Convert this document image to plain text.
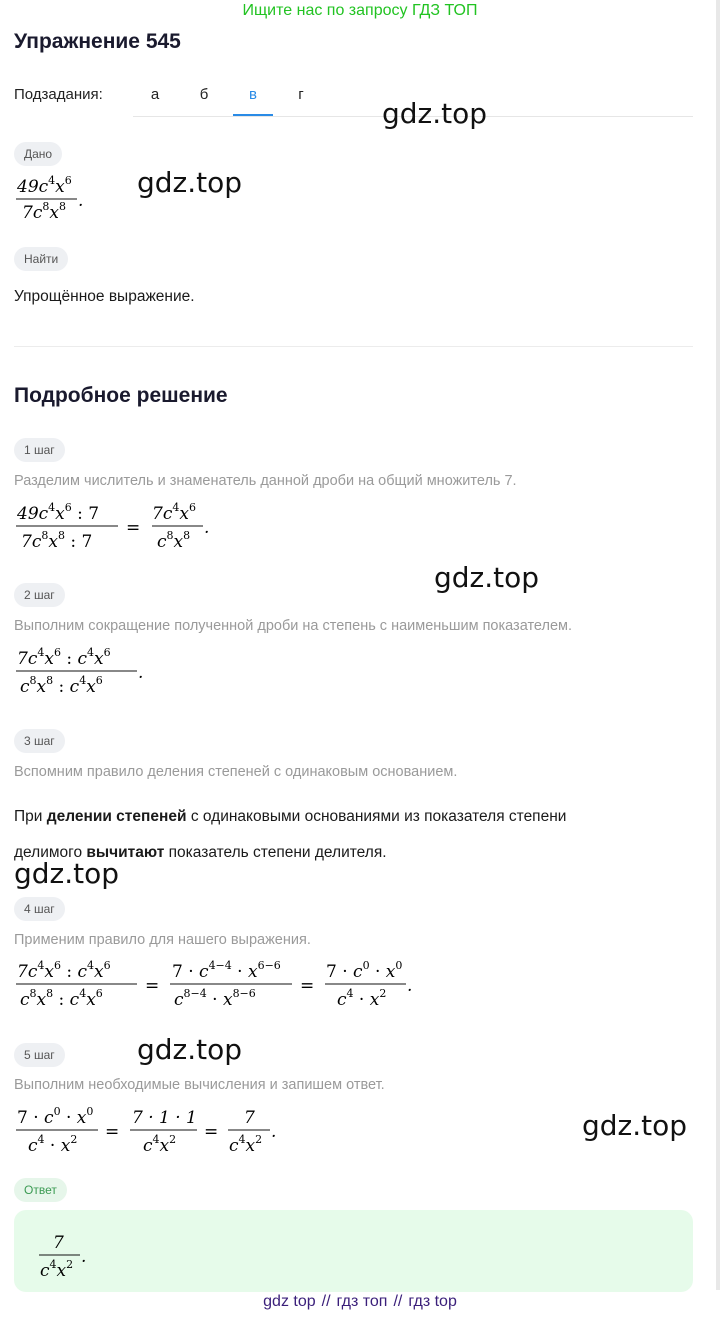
Ищите нас по запросу ГДЗ ТОП
Упражнение 545
Подзадания:	а	б	в	г
gdz.top
Дано
$49c^4x^6$
$7c^8x^8$ .
gdz.top
Найти
Упрощённое выражение.
Подробное решение
1 шаг
Разделим числитель и знаменатель данной дроби на общий множитель 7.
$49c^4x^6$ : 7
$7c^8x^8$ : 7
=
$7c^4x^6$
$c^8x^8$ .
gdz.top
2 шаг
Выполним сокращение полученной дроби на степень с наименьшим показателем.
$7c^4x^6$ : $c^4x^6$
$c^8x^8$ : $c^4x^6$ .
3 шаг
Вспомним правило деления степеней с одинаковым основанием.
При делении степеней с одинаковыми основаниями из показателя степени
делимого вычитают показатель степени делителя.
gdz.top
4 шаг
Применим правило для нашего выражения.
$7c^4x^6$ : $c^4x^6$
$c^8x^8$ : $c^4x^6$ =
$7 \cdot c^{4-4} \cdot x^{6-6}$
$c^{8-4} \cdot x^{8-6}$	=
$7 \cdot c^0 \cdot x^0$
$c^4 \cdot x^2$ .
5 шаг	gdz.top
Выполним необходимые вычисления и запишем ответ.
$7 \cdot c^0 \cdot x^0$
$c^4 \cdot x^2$ =
7 · 1 · 1
$c^4x^2$ =
7
$c^4x^2$ .	gdz.top
Ответ
7
$c^4x^2$ .
gdz top // гдз топ // гдз top
